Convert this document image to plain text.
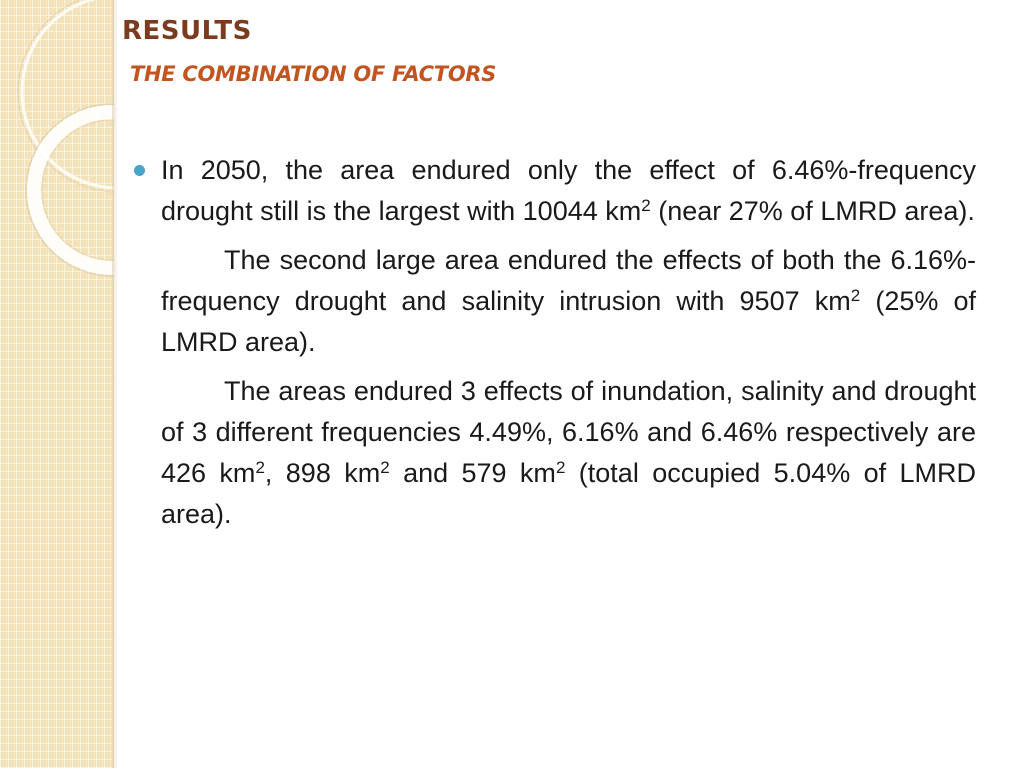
RESULTS
THE COMBINATION OF FACTORS

In 2050, the area endured only the effect of 6.46%-frequency drought still is the largest with 10044 $km^2$ (near 27% of LMRD area).

The second large area endured the effects of both the 6.16%-frequency drought and salinity intrusion with 9507 $km^2$ (25% of LMRD area).

The areas endured 3 effects of inundation, salinity and drought of 3 different frequencies 4.49%, 6.16% and 6.46% respectively are 426 $km^2$, 898 $km^2$ and 579 $km^2$ (total occupied 5.04% of LMRD area).
